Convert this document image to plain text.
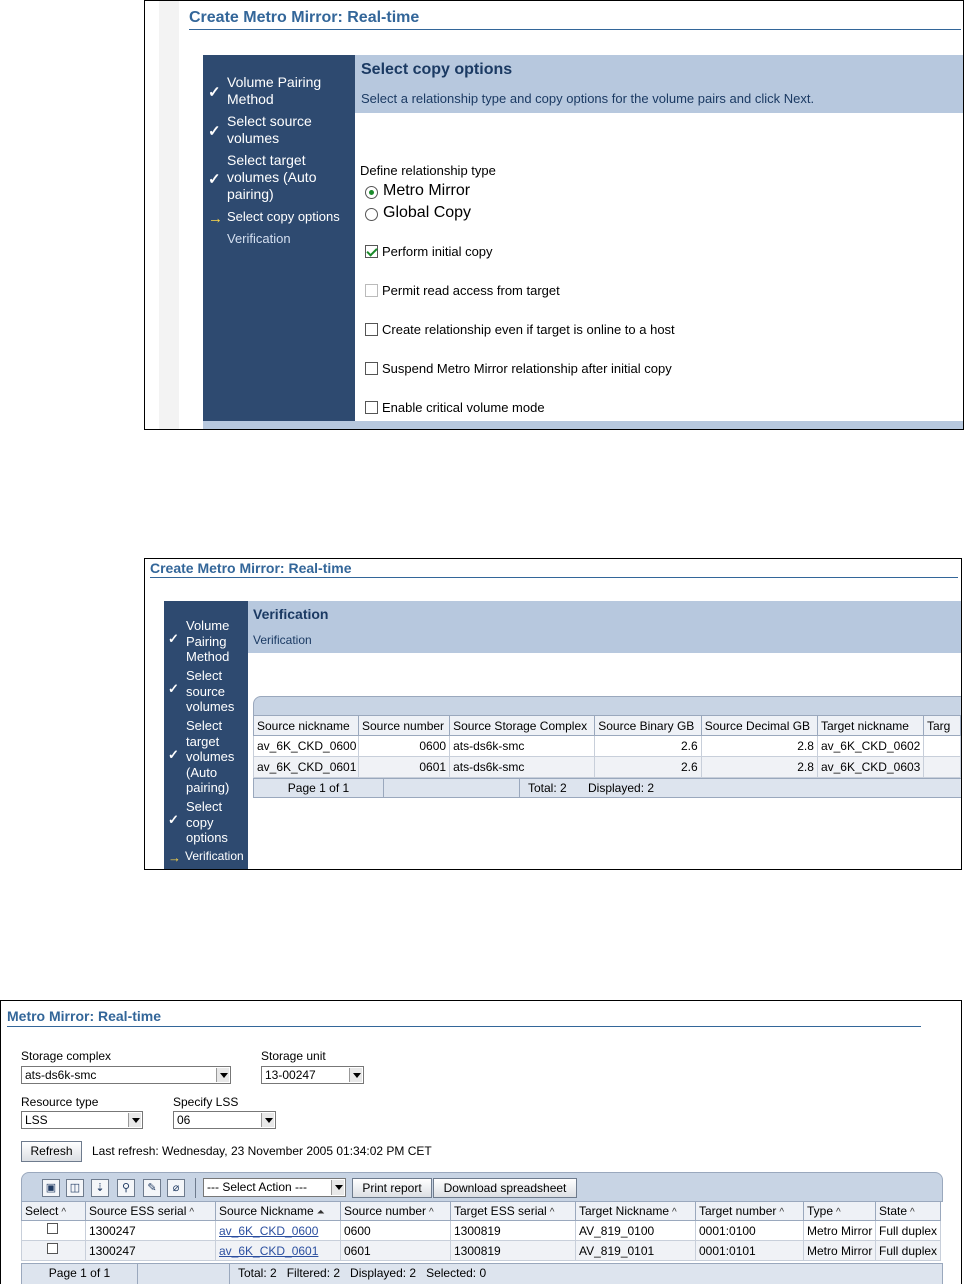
Create Metro Mirror: Real-time
✓
Volume Pairing
Method
✓
Select source
volumes
✓
Select target
volumes (Auto
pairing)
→ Select copy options
Verification
Select copy options
Select a relationship type and copy options for the volume pairs and click Next.
Define relationship type
Metro Mirror
Global Copy
Perform initial copy
Permit read access from target
Create relationship even if target is online to a host
Suspend Metro Mirror relationship after initial copy
Enable critical volume mode
Create Metro Mirror: Real-time
✓
Volume
Pairing
Method
✓
Select
source
volumes
✓
Select
target
volumes
(Auto
pairing)
✓
Select
copy
options
→ Verification
Verification
Verification
Source nickname	Source number	Source Storage Complex	Source Binary GB	Source Decimal GB	Target nickname	Targ
av_6K_CKD_0600	0600	ats-ds6k-smc	2.6	2.8	av_6K_CKD_0602	
av_6K_CKD_0601	0601	ats-ds6k-smc	2.6	2.8	av_6K_CKD_0603	
Page 1 of 1	Total: 2 Displayed: 2
Metro Mirror: Real-time
Storage complex
ats-ds6k-smc
Storage unit
13-00247
Resource type
LSS
Specify LSS
06
Refresh	Last refresh: Wednesday, 23 November 2005 01:34:02 PM CET
▣	◫	⇣	⚲	✎	⌀	--- Select Action ---	Print report	Download spreadsheet
Select ^	Source ESS serial ^	Source Nickname ⏶	Source number ^	Target ESS serial ^	Target Nickname ^	Target number ^	Type ^	State ^

	1300247	av_6K_CKD_0600	0600	1300819	AV_819_0100	0001:0100	Metro Mirror	Full duplex

	1300247	av_6K_CKD_0601	0601	1300819	AV_819_0101	0001:0101	Metro Mirror	Full duplex
Page 1 of 1	Total: 2   Filtered: 2   Displayed: 2   Selected: 0
